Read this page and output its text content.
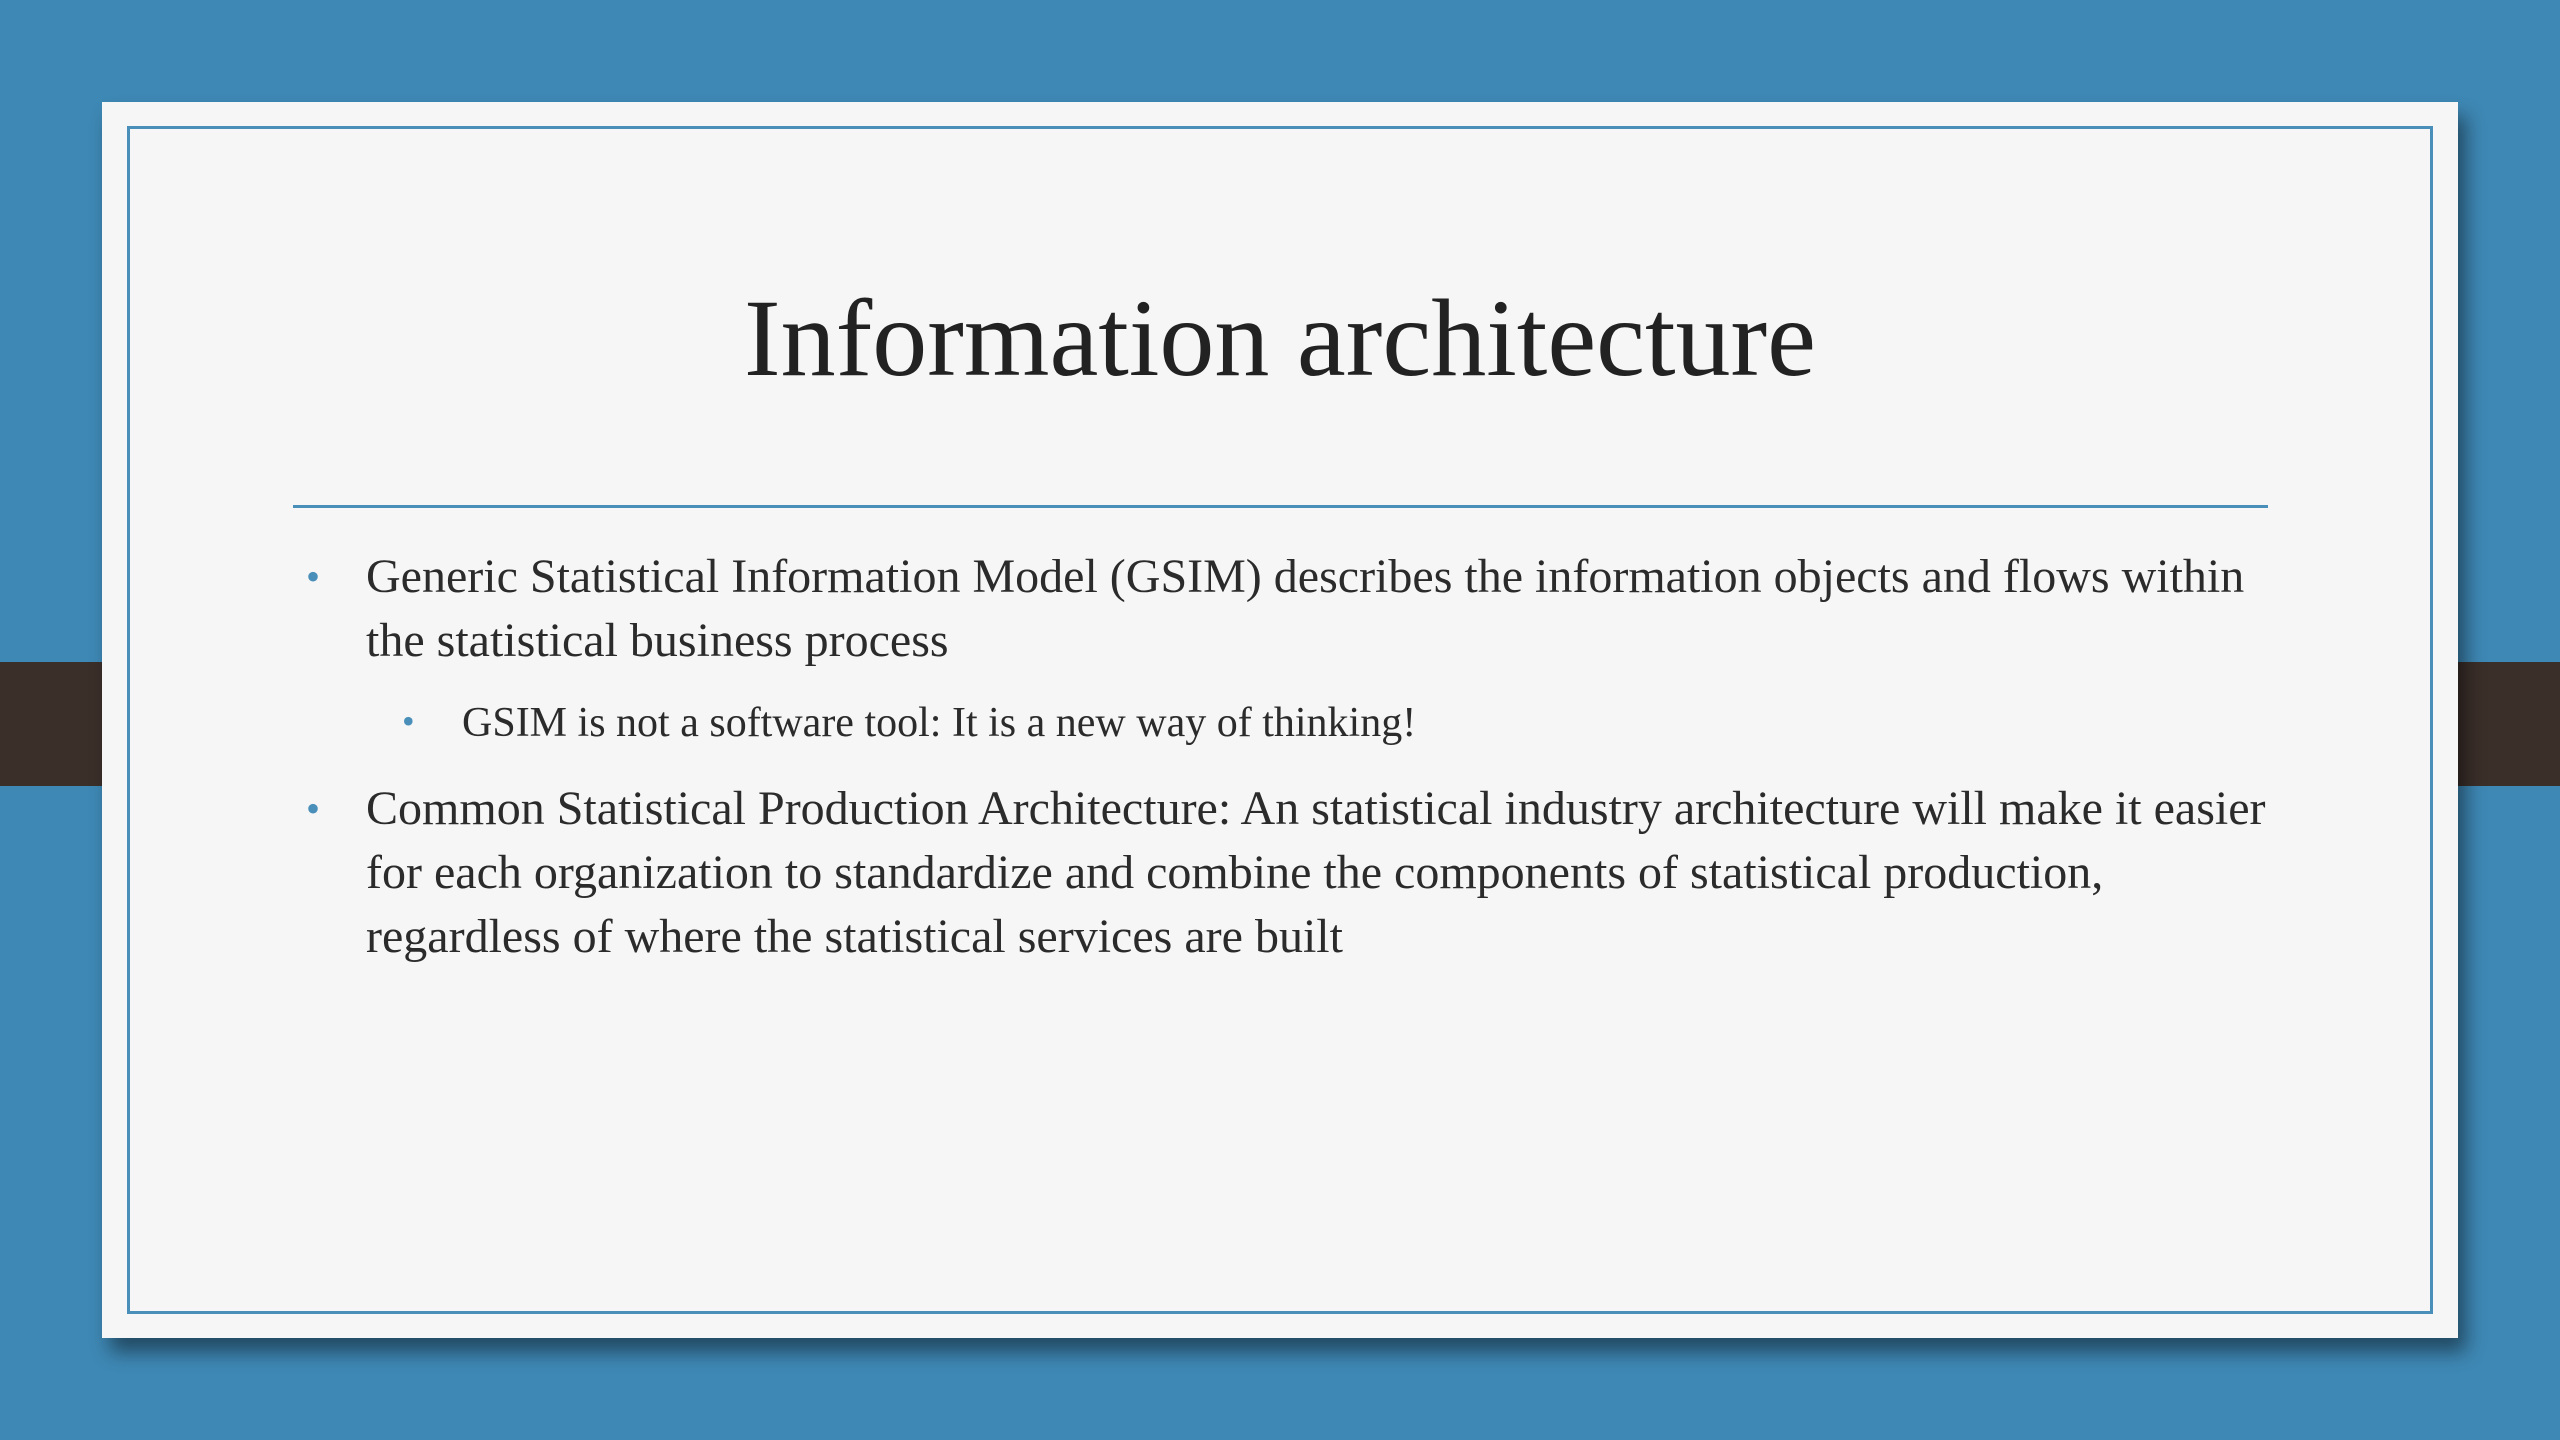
Information architecture
• Generic Statistical Information Model (GSIM) describes the information objects and flows within the statistical business process
• GSIM is not a software tool: It is a new way of thinking!
• Common Statistical Production Architecture: An statistical industry architecture will make it easier for each organization to standardize and combine the components of statistical production, regardless of where the statistical services are built
